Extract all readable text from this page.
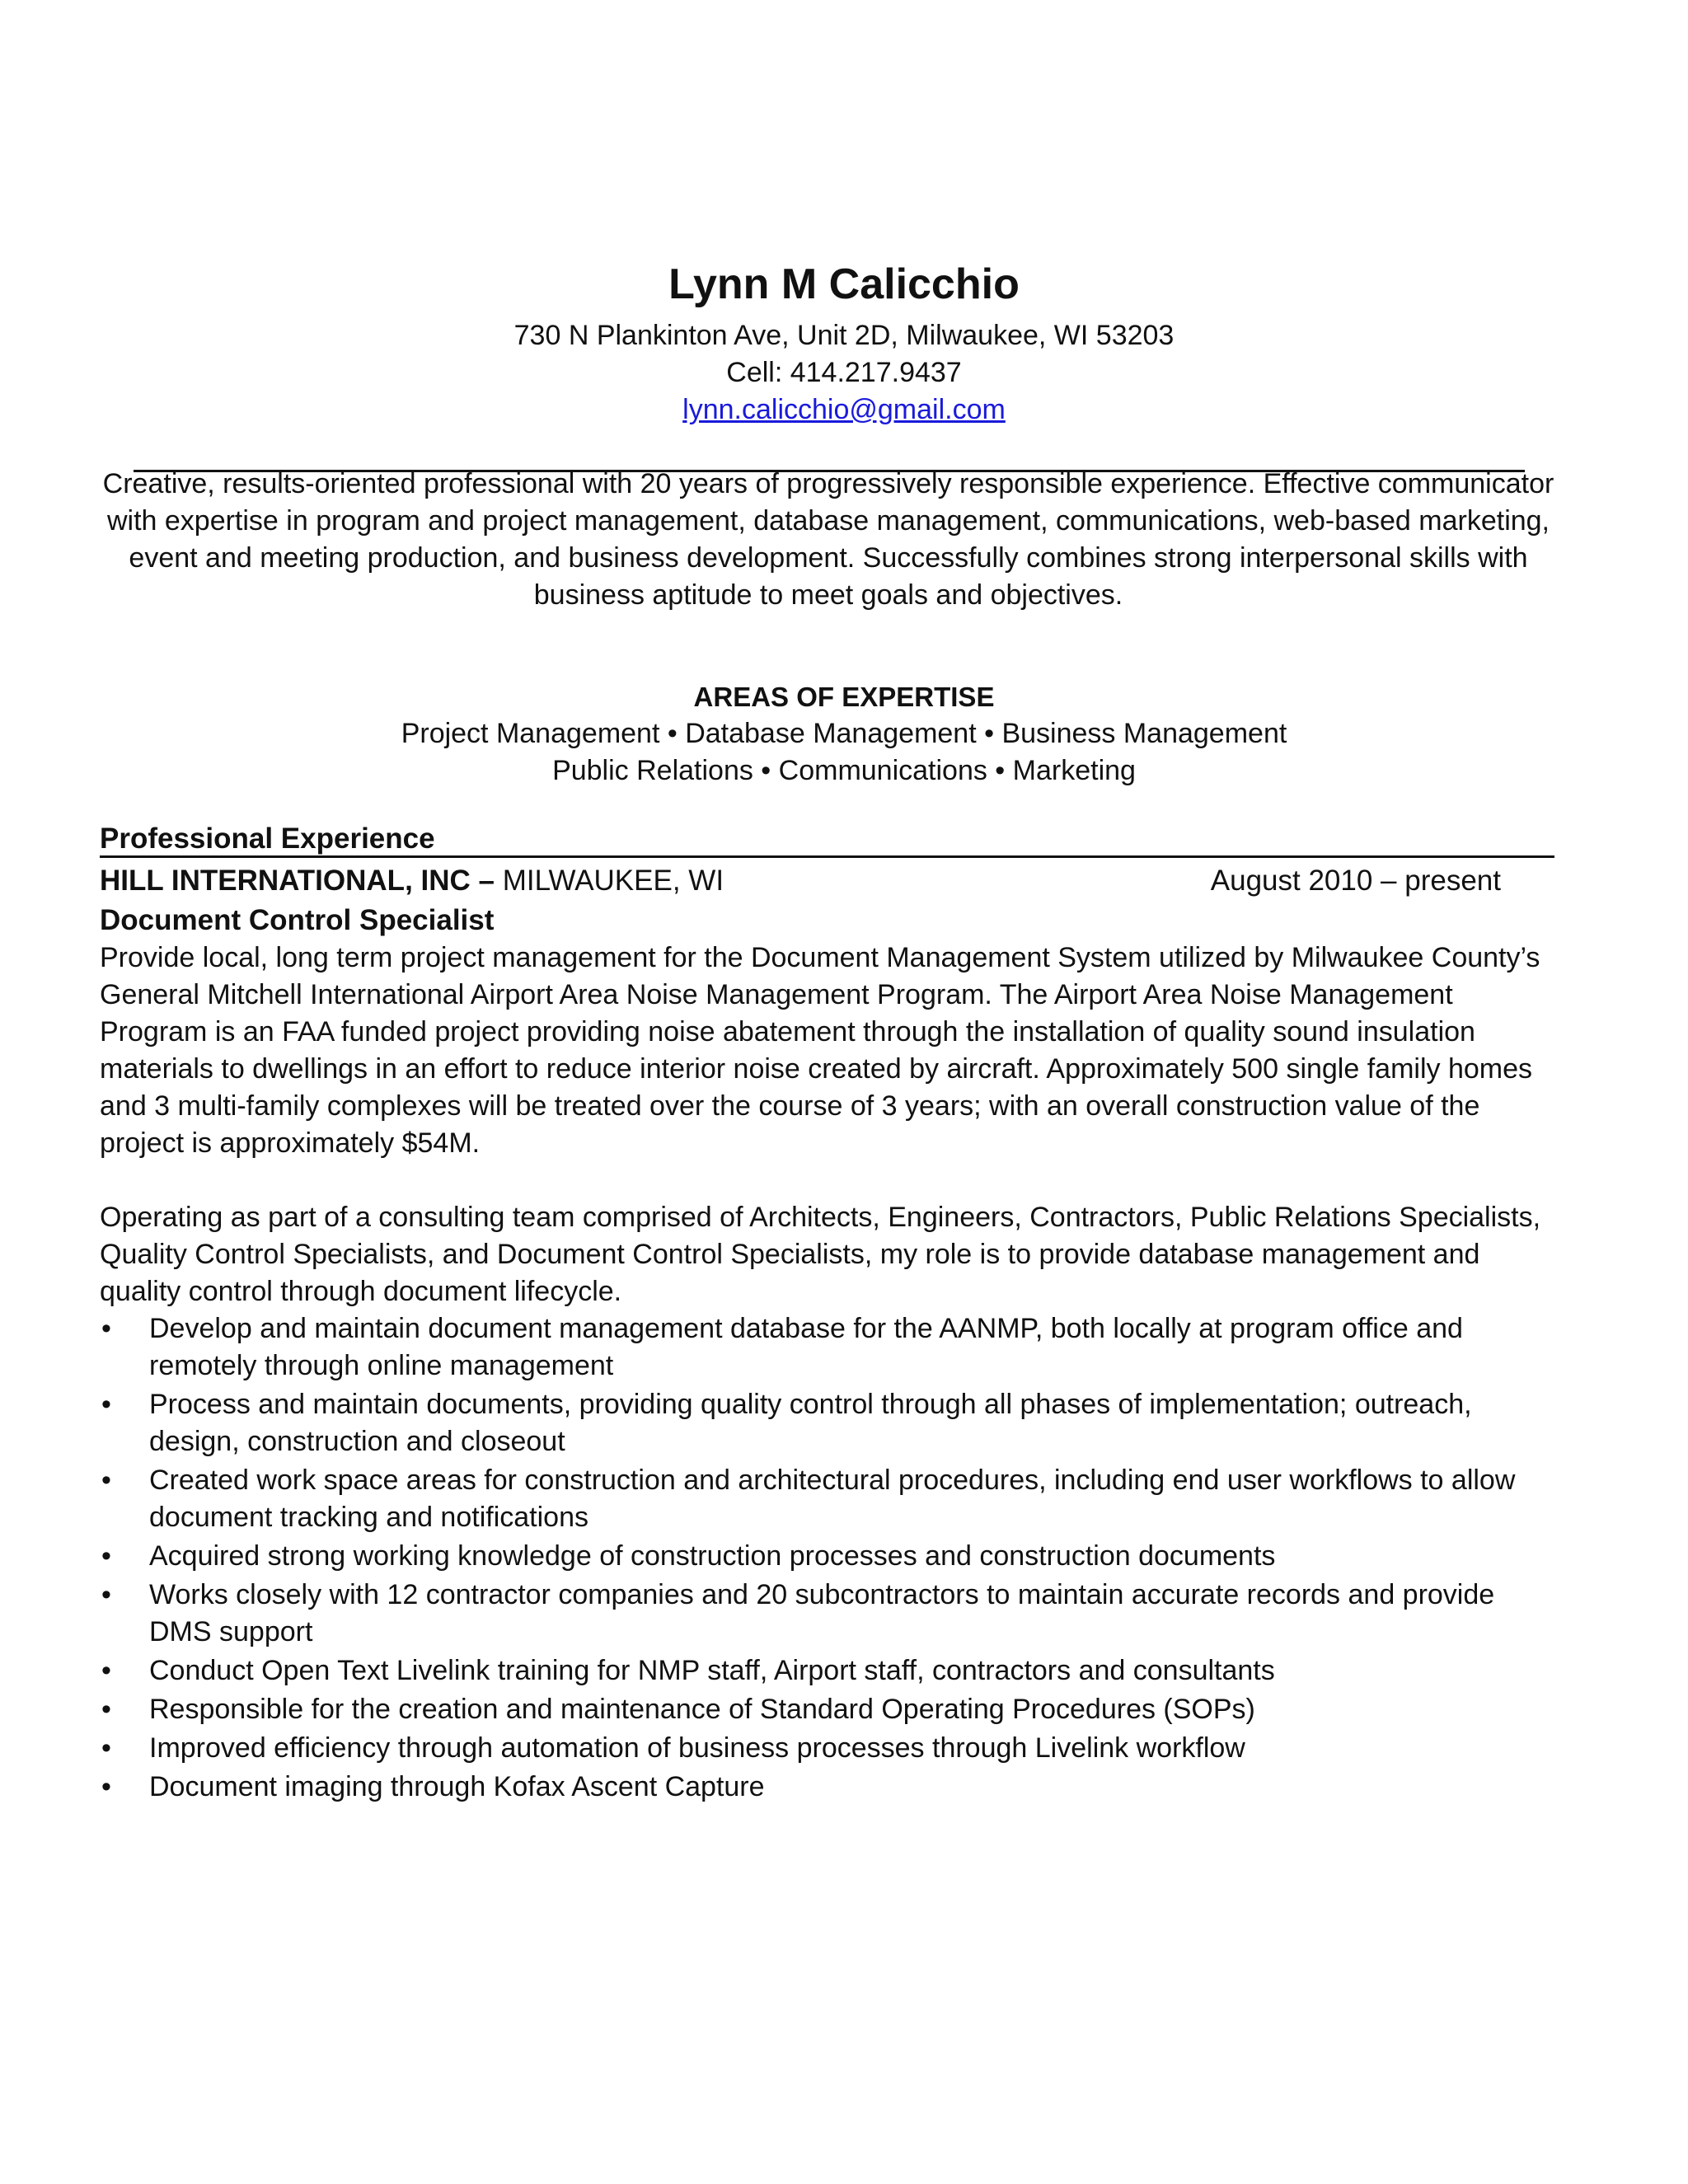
Lynn M Calicchio
730 N Plankinton Ave, Unit 2D, Milwaukee, WI 53203
Cell: 414.217.9437
lynn.calicchio@gmail.com
Creative, results-oriented professional with 20 years of progressively responsible experience. Effective communicator with expertise in program and project management, database management, communications, web-based marketing, event and meeting production, and business development. Successfully combines strong interpersonal skills with business aptitude to meet goals and objectives.
AREAS OF EXPERTISE
Project Management • Database Management • Business Management
Public Relations • Communications • Marketing
Professional Experience
HILL INTERNATIONAL, INC – MILWAUKEE, WI	August 2010 – present
Document Control Specialist
Provide local, long term project management for the Document Management System utilized by Milwaukee County’s General Mitchell International Airport Area Noise Management Program. The Airport Area Noise Management Program is an FAA funded project providing noise abatement through the installation of quality sound insulation materials to dwellings in an effort to reduce interior noise created by aircraft. Approximately 500 single family homes and 3 multi-family complexes will be treated over the course of 3 years; with an overall construction value of the project is approximately $54M.
Operating as part of a consulting team comprised of Architects, Engineers, Contractors, Public Relations Specialists, Quality Control Specialists, and Document Control Specialists, my role is to provide database management and quality control through document lifecycle.
• Develop and maintain document management database for the AANMP, both locally at program office and remotely through online management
• Process and maintain documents, providing quality control through all phases of implementation; outreach, design, construction and closeout
• Created work space areas for construction and architectural procedures, including end user workflows to allow document tracking and notifications
• Acquired strong working knowledge of construction processes and construction documents
• Works closely with 12 contractor companies and 20 subcontractors to maintain accurate records and provide DMS support
• Conduct Open Text Livelink training for NMP staff, Airport staff, contractors and consultants
• Responsible for the creation and maintenance of Standard Operating Procedures (SOPs)
• Improved efficiency through automation of business processes through Livelink workflow
• Document imaging through Kofax Ascent Capture
